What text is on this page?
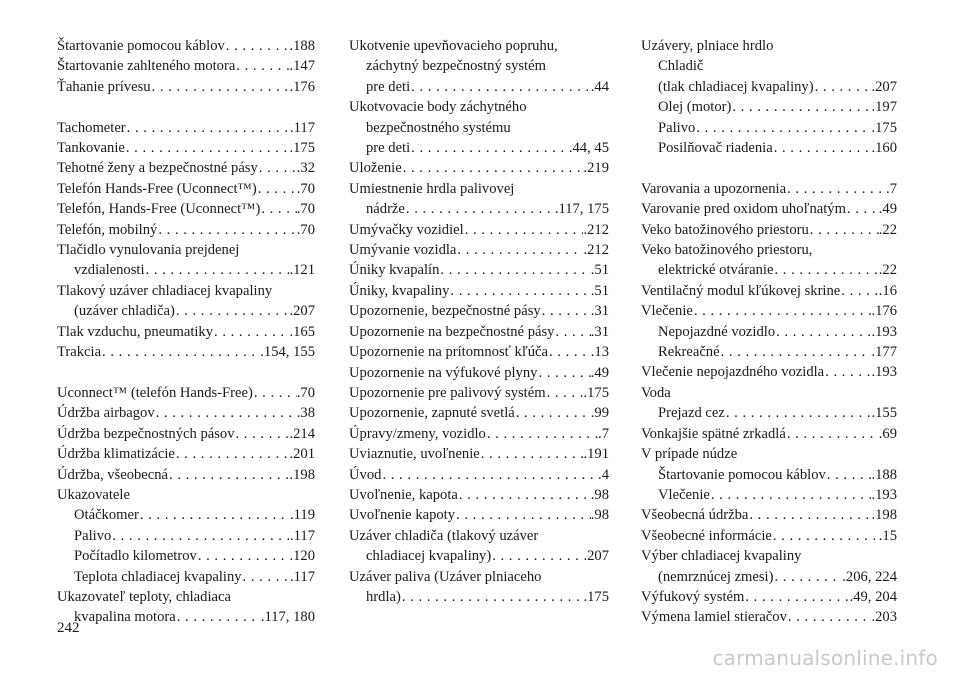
Štartovanie pomocou káblov . . .	.188
Štartovanie zahltenéh​o motora . . .	.147
Ťahanie prívesu . . .	.176
Tachometer . . .	.117
Tankovanie . . .	.175
Tehotné ženy a bezpečnostné pásy . . .	.32
Telefón Hands-Free (Uconnect™) . . .	.70
Telefón, Hands-Free (Uconnect™) . . . .70
Telefón, mobilný . . .	.70
Tlačidlo vynulovania prejdenej
vzdialenosti . . .	.121
Tlakový uzáver chladiacej kvapaliny
(uzáver chladiča) . . .	.207
Tlak vzduchu, pneumatiky . . .	.165
Trakcia . . .	.154, 155
Uconnect™ (telefón Hands-Free) . . .	.70
Údržba airbagov . . .	.38
Údržba bezpečnostných pásov . . .	.214
Údržba klimatizácie . . .	.201
Údržba, všeobecná . . .	.198
Ukazovatele
Otáčkomer . . .	.119
Palivo . . .	.117
Počítadlo kilometrov . . .	.120
Teplota chladiacej kvapaliny . . .	.117
Ukazovateľ teploty, chladiaca
kvapalina motora . . .	.117, 180
Ukotvenie upevňovacieho popruhu,
záchytný bezpečnostný systém
pre deti . . .	.44
Ukotvovacie body záchytného
bezpečnostného systému
pre deti . . .	.44, 45
Uloženie . . .	.219
Umiestnenie hrdla palivovej
nádrže . . .	.117, 175
Umývačky vozidiel . . .	.212
Umývanie vozidla . . .	.212
Úniky kvapalín . . .	.51
Úniky, kvapaliny . . .	.51
Upozornenie, bezpečnostné pásy . . .	.31
Upozornenie na bezpečnostné pásy . . . .31
Upozornenie na prítomnosť kľúča . . .	.13
Upozornenie na výfukové plyny . . .	.49
Upozornenie pre palivový systém . . .	.175
Upozornenie, zapnuté svetlá . . .	.99
Úpravy/zmeny, vozidlo . . .	.7
Uviaznutie, uvoľnenie . . .	.191
Úvod . . .	.4
Uvoľnenie, kapota . . .	.98
Uvoľnenie kapoty . . .	.98
Uzáver chladiča (tlakový uzáver
chladiacej kvapaliny) . . .	.207
Uzáver paliva (Uzáver plniaceho
hrdla) . . .	.175
Uzávery, plniace hrdlo
Chladič
(tlak chladiacej kvapaliny) . . .	.207
Olej (motor) . . .	.197
Palivo . . .	.175
Posilňovač riadenia . . .	.160
Varovania a upozornenia . . .	.7
Varovanie pred oxidom uhoľnatým . . . .49
Veko batožinového priestoru . . .	.22
Veko batožinového priestoru,
elektrické otváranie . . .	.22
Ventilačný modul kľúkovej skrine . . .	.16
Vlečenie . . .	.176
Nepojazdné vozidlo . . .	.193
Rekreačné . . .	.177
Vlečenie nepojazdného vozidla . . .	.193
Voda
Prejazd cez . . .	.155
Vonkajšie spätné zrkadlá . . .	.69
V prípade núdze
Štartovanie pomocou káblov . . .	.188
Vlečenie . . .	.193
Všeobecná údržba . . .	.198
Všeobecné informácie . . .	.15
Výber chladiacej kvapaliny
(nemrznúcej zmesi) . . .	.206, 224
Výfukový systém . . .	.49, 204
Výmena lamiel stieračov . . .	.203
242
carmanualsonline.info
